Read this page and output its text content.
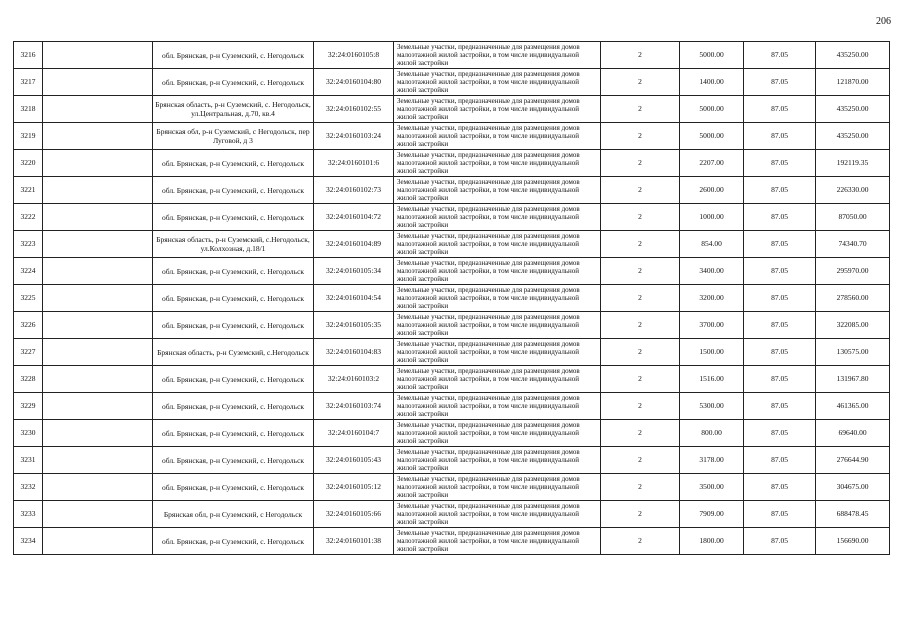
206
3216		обл. Брянская, р-н Суземский, с. Негодольск	32:24:0160105:8	Земельные участки, предназначенные для размещения домов малоэтажной жилой застройки, в том числе индивидуальной жилой застройки	2	5000.00	87.05	435250.00
3217		обл. Брянская, р-н Суземский, с. Негодольск	32:24:0160104:80	Земельные участки, предназначенные для размещения домов малоэтажной жилой застройки, в том числе индивидуальной жилой застройки	2	1400.00	87.05	121870.00
3218		Брянская область, р-н Суземский, с. Негодольск, ул.Центральная, д.70, кв.4	32:24:0160102:55	Земельные участки, предназначенные для размещения домов малоэтажной жилой застройки, в том числе индивидуальной жилой застройки	2	5000.00	87.05	435250.00
3219		Брянская обл, р-н Суземский, с Негодольск, пер Луговой, д 3	32:24:0160103:24	Земельные участки, предназначенные для размещения домов малоэтажной жилой застройки, в том числе индивидуальной жилой застройки	2	5000.00	87.05	435250.00
3220		обл. Брянская, р-н Суземский, с. Негодольск	32:24:0160101:6	Земельные участки, предназначенные для размещения домов малоэтажной жилой застройки, в том числе индивидуальной жилой застройки	2	2207.00	87.05	192119.35
3221		обл. Брянская, р-н Суземский, с. Негодольск	32:24:0160102:73	Земельные участки, предназначенные для размещения домов малоэтажной жилой застройки, в том числе индивидуальной жилой застройки	2	2600.00	87.05	226330.00
3222		обл. Брянская, р-н Суземский, с. Негодольск	32:24:0160104:72	Земельные участки, предназначенные для размещения домов малоэтажной жилой застройки, в том числе индивидуальной жилой застройки	2	1000.00	87.05	87050.00
3223		Брянская область, р-н Суземский, с.Негодольск, ул.Колхозная, д.18/1	32:24:0160104:89	Земельные участки, предназначенные для размещения домов малоэтажной жилой застройки, в том числе индивидуальной жилой застройки	2	854.00	87.05	74340.70
3224		обл. Брянская, р-н Суземский, с. Негодольск	32:24:0160105:34	Земельные участки, предназначенные для размещения домов малоэтажной жилой застройки, в том числе индивидуальной жилой застройки	2	3400.00	87.05	295970.00
3225		обл. Брянская, р-н Суземский, с. Негодольск	32:24:0160104:54	Земельные участки, предназначенные для размещения домов малоэтажной жилой застройки, в том числе индивидуальной жилой застройки	2	3200.00	87.05	278560.00
3226		обл. Брянская, р-н Суземский, с. Негодольск	32:24:0160105:35	Земельные участки, предназначенные для размещения домов малоэтажной жилой застройки, в том числе индивидуальной жилой застройки	2	3700.00	87.05	322085.00
3227		Брянская область, р-н Суземский, с.Негодольск	32:24:0160104:83	Земельные участки, предназначенные для размещения домов малоэтажной жилой застройки, в том числе индивидуальной жилой застройки	2	1500.00	87.05	130575.00
3228		обл. Брянская, р-н Суземский, с. Негодольск	32:24:0160103:2	Земельные участки, предназначенные для размещения домов малоэтажной жилой застройки, в том числе индивидуальной жилой застройки	2	1516.00	87.05	131967.80
3229		обл. Брянская, р-н Суземский, с. Негодольск	32:24:0160103:74	Земельные участки, предназначенные для размещения домов малоэтажной жилой застройки, в том числе индивидуальной жилой застройки	2	5300.00	87.05	461365.00
3230		обл. Брянская, р-н Суземский, с. Негодольск	32:24:0160104:7	Земельные участки, предназначенные для размещения домов малоэтажной жилой застройки, в том числе индивидуальной жилой застройки	2	800.00	87.05	69640.00
3231		обл. Брянская, р-н Суземский, с. Негодольск	32:24:0160105:43	Земельные участки, предназначенные для размещения домов малоэтажной жилой застройки, в том числе индивидуальной жилой застройки	2	3178.00	87.05	276644.90
3232		обл. Брянская, р-н Суземский, с. Негодольск	32:24:0160105:12	Земельные участки, предназначенные для размещения домов малоэтажной жилой застройки, в том числе индивидуальной жилой застройки	2	3500.00	87.05	304675.00
3233		Брянская обл, р-н Суземский, с Негодольск	32:24:0160105:66	Земельные участки, предназначенные для размещения домов малоэтажной жилой застройки, в том числе индивидуальной жилой застройки	2	7909.00	87.05	688478.45
3234		обл. Брянская, р-н Суземский, с. Негодольск	32:24:0160101:38	Земельные участки, предназначенные для размещения домов малоэтажной жилой застройки, в том числе индивидуальной жилой застройки	2	1800.00	87.05	156690.00
